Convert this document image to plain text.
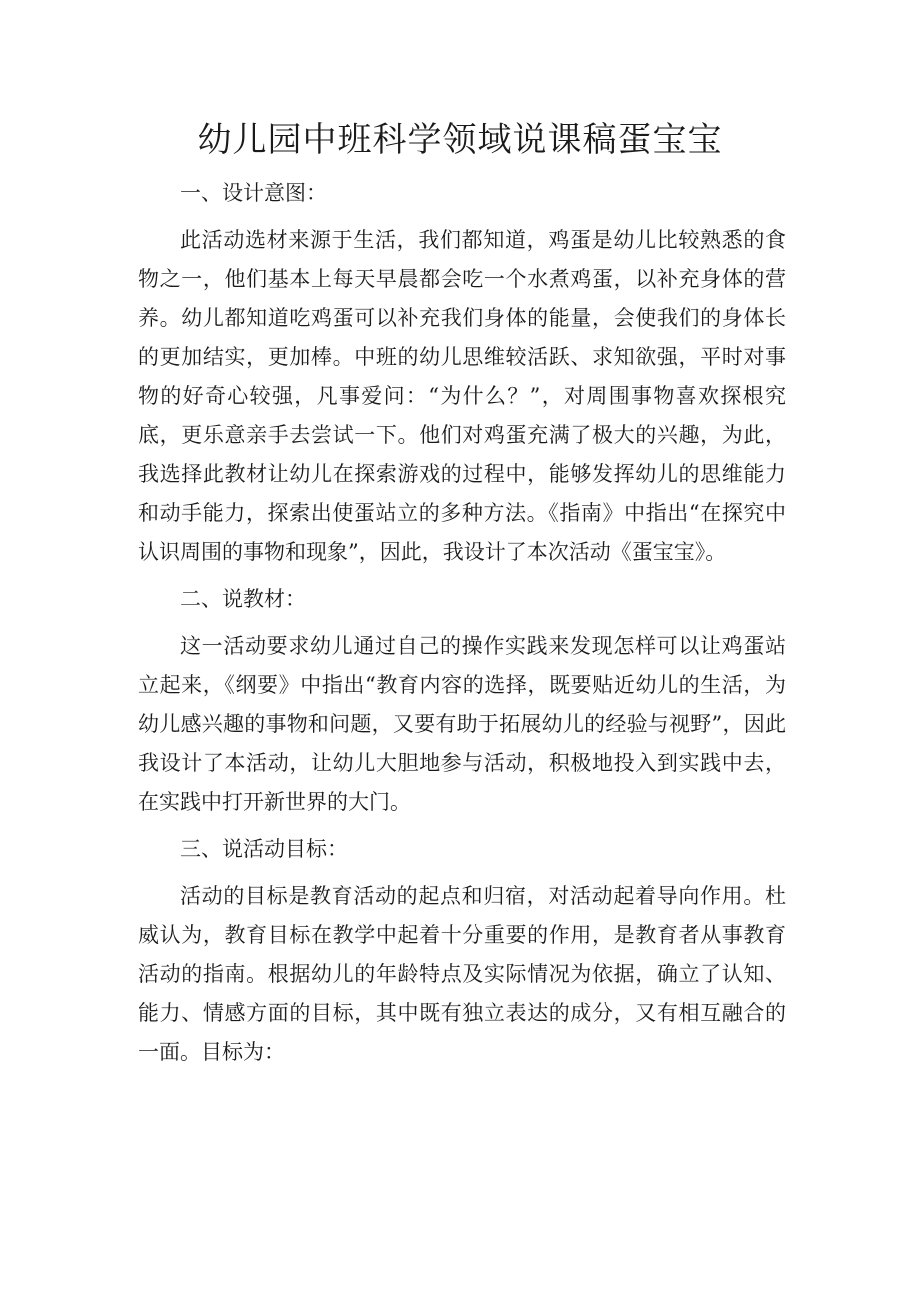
幼儿园中班科学领域说课稿蛋宝宝

一、设计意图：

此活动选材来源于生活，我们都知道，鸡蛋是幼儿比较熟悉的食物之一，他们基本上每天早晨都会吃一个水煮鸡蛋，以补充身体的营养。幼儿都知道吃鸡蛋可以补充我们身体的能量，会使我们的身体长的更加结实，更加棒。中班的幼儿思维较活跃、求知欲强，平时对事物的好奇心较强，凡事爱问：“为什么？”，对周围事物喜欢探根究底，更乐意亲手去尝试一下。他们对鸡蛋充满了极大的兴趣，为此，我选择此教材让幼儿在探索游戏的过程中，能够发挥幼儿的思维能力和动手能力，探索出使蛋站立的多种方法。《指南》中指出“在探究中认识周围的事物和现象”，因此，我设计了本次活动《蛋宝宝》。

二、说教材：

这一活动要求幼儿通过自己的操作实践来发现怎样可以让鸡蛋站立起来，《纲要》中指出“教育内容的选择，既要贴近幼儿的生活，为幼儿感兴趣的事物和问题，又要有助于拓展幼儿的经验与视野”，因此我设计了本活动，让幼儿大胆地参与活动，积极地投入到实践中去，在实践中打开新世界的大门。

三、说活动目标：

活动的目标是教育活动的起点和归宿，对活动起着导向作用。杜威认为，教育目标在教学中起着十分重要的作用，是教育者从事教育活动的指南。根据幼儿的年龄特点及实际情况为依据，确立了认知、能力、情感方面的目标，其中既有独立表达的成分，又有相互融合的一面。目标为：
